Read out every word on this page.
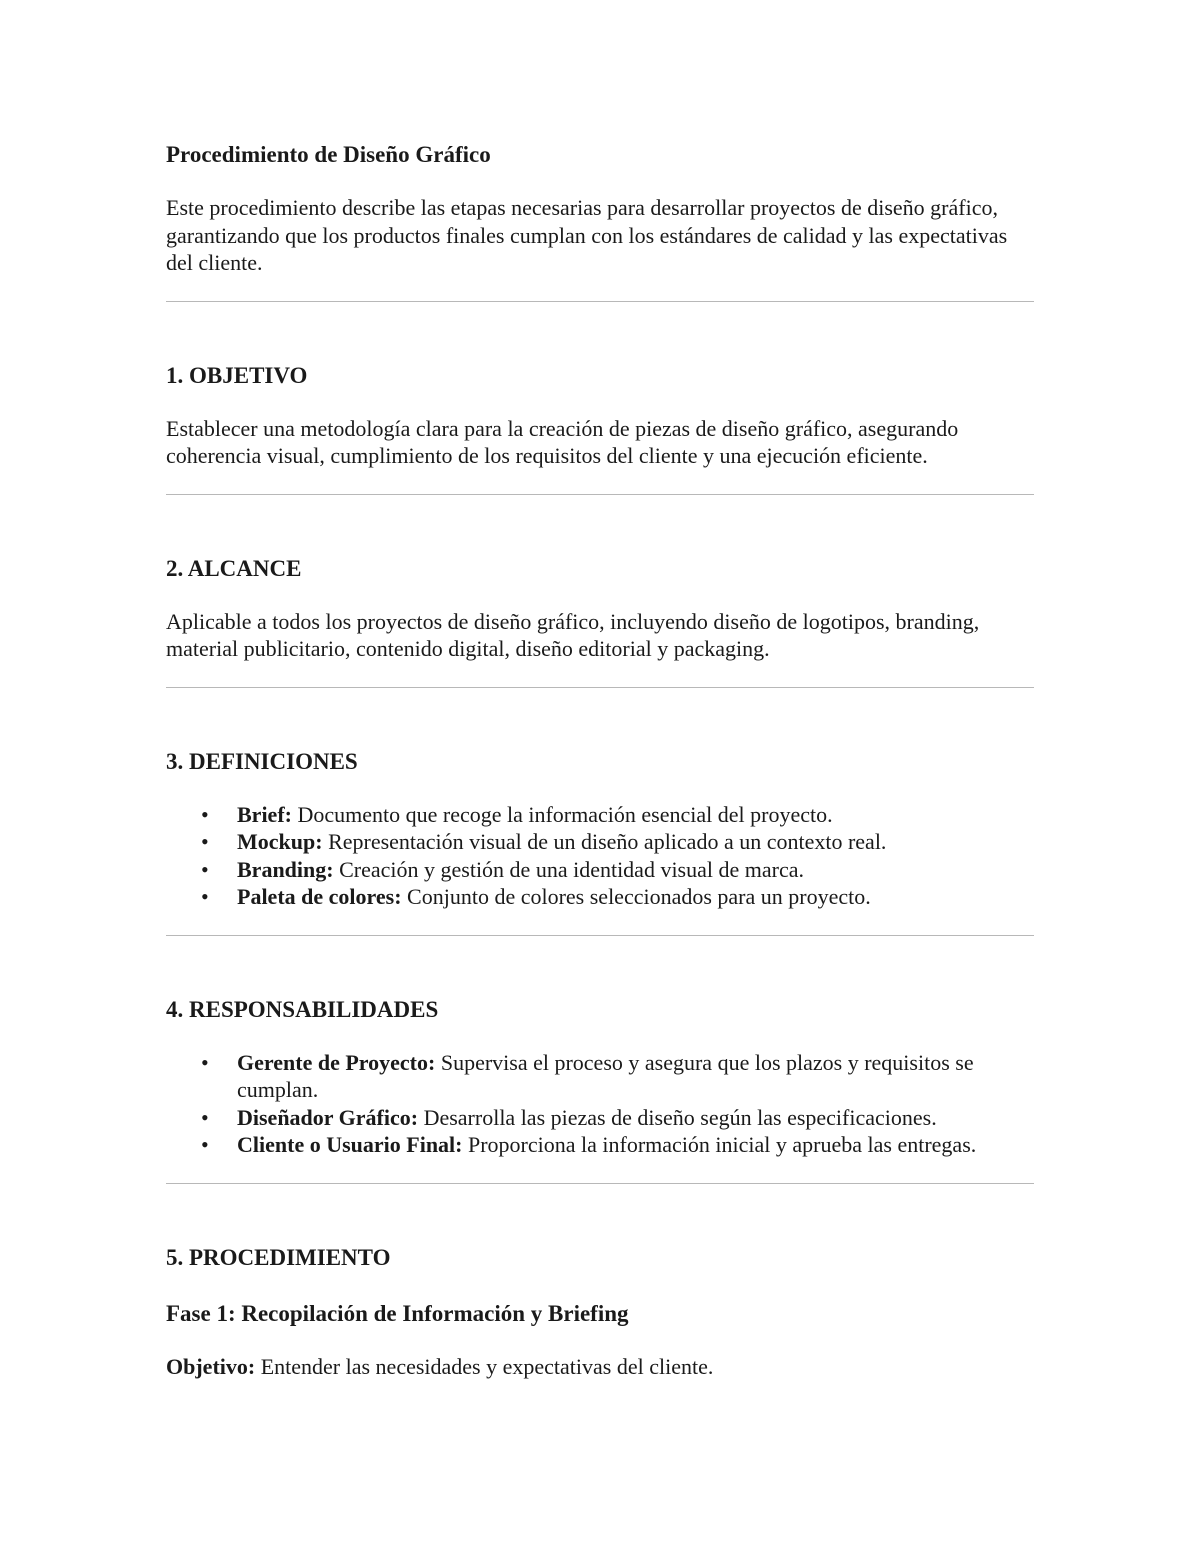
Procedimiento de Diseño Gráfico

Este procedimiento describe las etapas necesarias para desarrollar proyectos de diseño gráfico, garantizando que los productos finales cumplan con los estándares de calidad y las expectativas del cliente.

1. OBJETIVO

Establecer una metodología clara para la creación de piezas de diseño gráfico, asegurando coherencia visual, cumplimiento de los requisitos del cliente y una ejecución eficiente.

2. ALCANCE

Aplicable a todos los proyectos de diseño gráfico, incluyendo diseño de logotipos, branding, material publicitario, contenido digital, diseño editorial y packaging.

3. DEFINICIONES
• Brief: Documento que recoge la información esencial del proyecto.
• Mockup: Representación visual de un diseño aplicado a un contexto real.
• Branding: Creación y gestión de una identidad visual de marca.
• Paleta de colores: Conjunto de colores seleccionados para un proyecto.
4. RESPONSABILIDADES
• Gerente de Proyecto: Supervisa el proceso y asegura que los plazos y requisitos se cumplan.
• Diseñador Gráfico: Desarrolla las piezas de diseño según las especificaciones.
• Cliente o Usuario Final: Proporciona la información inicial y aprueba las entregas.
5. PROCEDIMIENTO
Fase 1: Recopilación de Información y Briefing

Objetivo: Entender las necesidades y expectativas del cliente.
